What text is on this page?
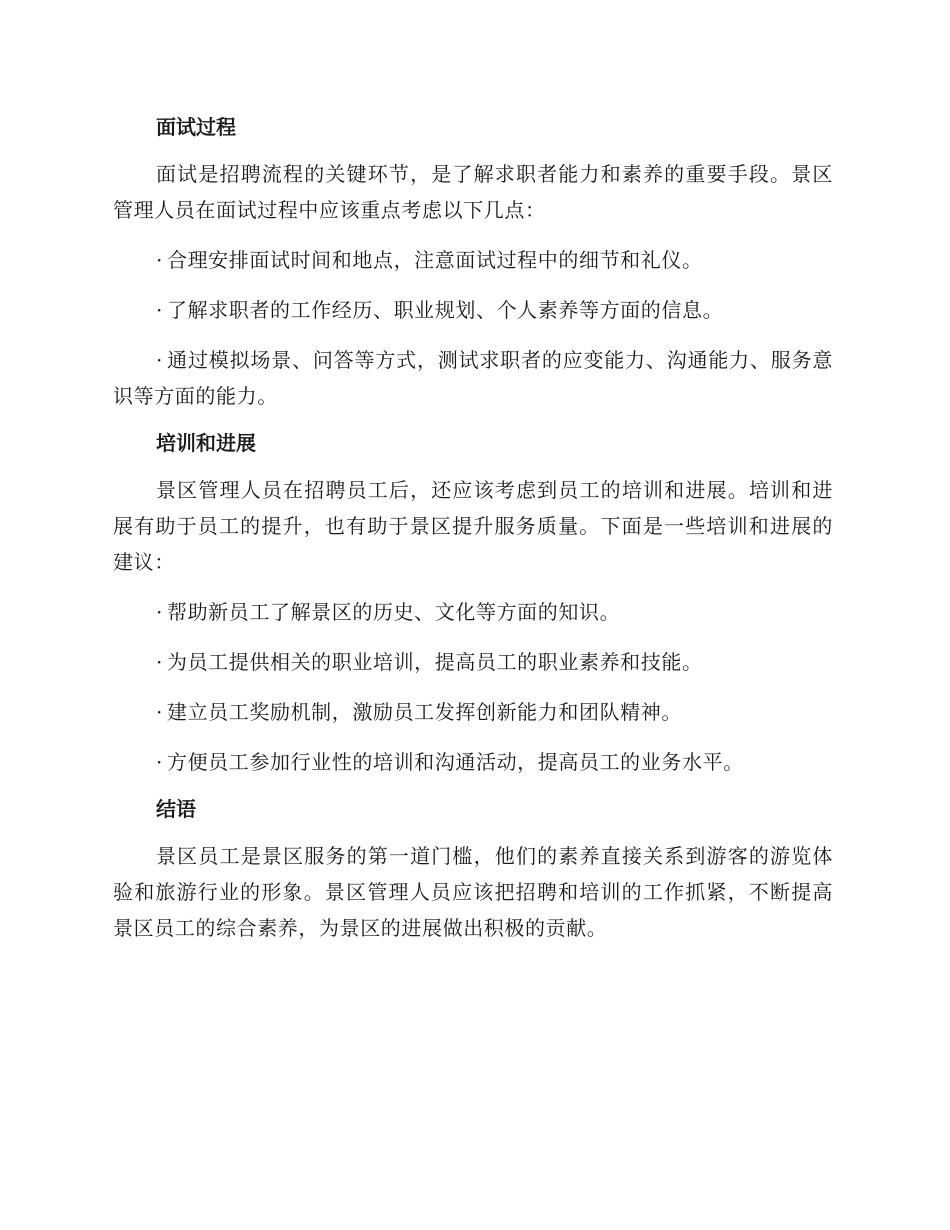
面试过程

面试是招聘流程的关键环节，是了解求职者能力和素养的重要手段。景区管理人员在面试过程中应该重点考虑以下几点：

· 合理安排面试时间和地点，注意面试过程中的细节和礼仪。

· 了解求职者的工作经历、职业规划、个人素养等方面的信息。

· 通过模拟场景、问答等方式，测试求职者的应变能力、沟通能力、服务意识等方面的能力。

培训和进展

景区管理人员在招聘员工后，还应该考虑到员工的培训和进展。培训和进展有助于员工的提升，也有助于景区提升服务质量。下面是一些培训和进展的建议：

· 帮助新员工了解景区的历史、文化等方面的知识。

· 为员工提供相关的职业培训，提高员工的职业素养和技能。

· 建立员工奖励机制，激励员工发挥创新能力和团队精神。

· 方便员工参加行业性的培训和沟通活动，提高员工的业务水平。

结语

景区员工是景区服务的第一道门槛，他们的素养直接关系到游客的游览体验和旅游行业的形象。景区管理人员应该把招聘和培训的工作抓紧，不断提高景区员工的综合素养，为景区的进展做出积极的贡献。
